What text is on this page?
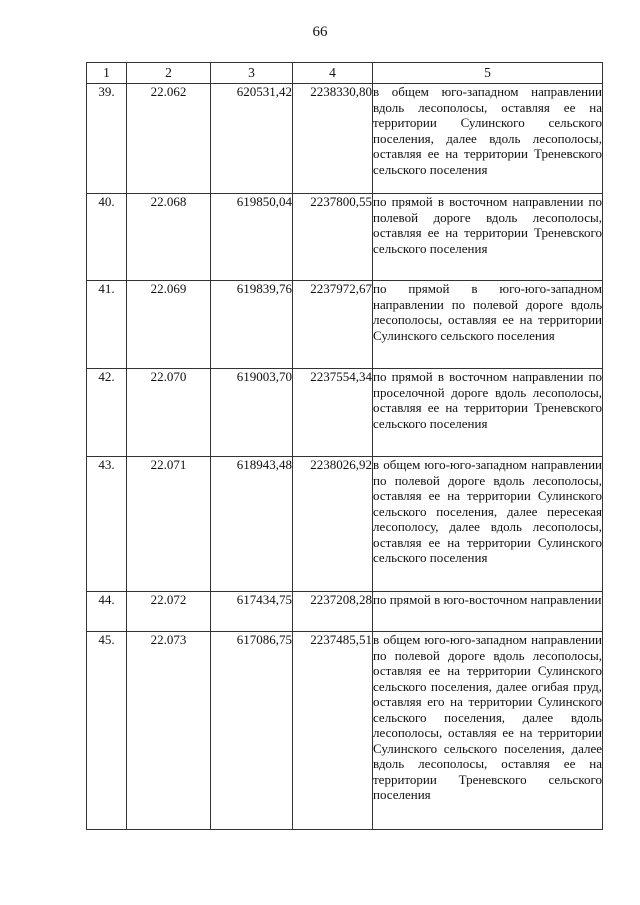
66
1	2	3	4	5
39.	22.062	620531,42	2238330,80	в общем юго-западном направлении вдоль лесополосы, оставляя ее на территории Сулинского сельского поселения, далее вдоль лесополосы, оставляя ее на территории Треневского сельского поселения
40.	22.068	619850,04	2237800,55	по прямой в восточном направлении по полевой дороге вдоль лесополосы, оставляя ее на территории Треневского сельского поселения
41.	22.069	619839,76	2237972,67	по прямой в юго-юго-западном направлении по полевой дороге вдоль лесополосы, оставляя ее на территории Сулинского сельского поселения
42.	22.070	619003,70	2237554,34	по прямой в восточном направлении по проселочной дороге вдоль лесополосы, оставляя ее на территории Треневского сельского поселения
43.	22.071	618943,48	2238026,92	в общем юго-юго-западном направлении по полевой дороге вдоль лесополосы, оставляя ее на территории Сулинского сельского поселения, далее пересекая лесополосу, далее вдоль лесополосы, оставляя ее на территории Сулинского сельского поселения
44.	22.072	617434,75	2237208,28	по прямой в юго-восточном направлении
45.	22.073	617086,75	2237485,51	в общем юго-юго-западном направлении по полевой дороге вдоль лесополосы, оставляя ее на территории Сулинского сельского поселения, далее огибая пруд, оставляя его на территории Сулинского сельского поселения, далее вдоль лесополосы, оставляя ее на территории Сулинского сельского поселения, далее вдоль лесополосы, оставляя ее на территории Треневского сельского поселения
